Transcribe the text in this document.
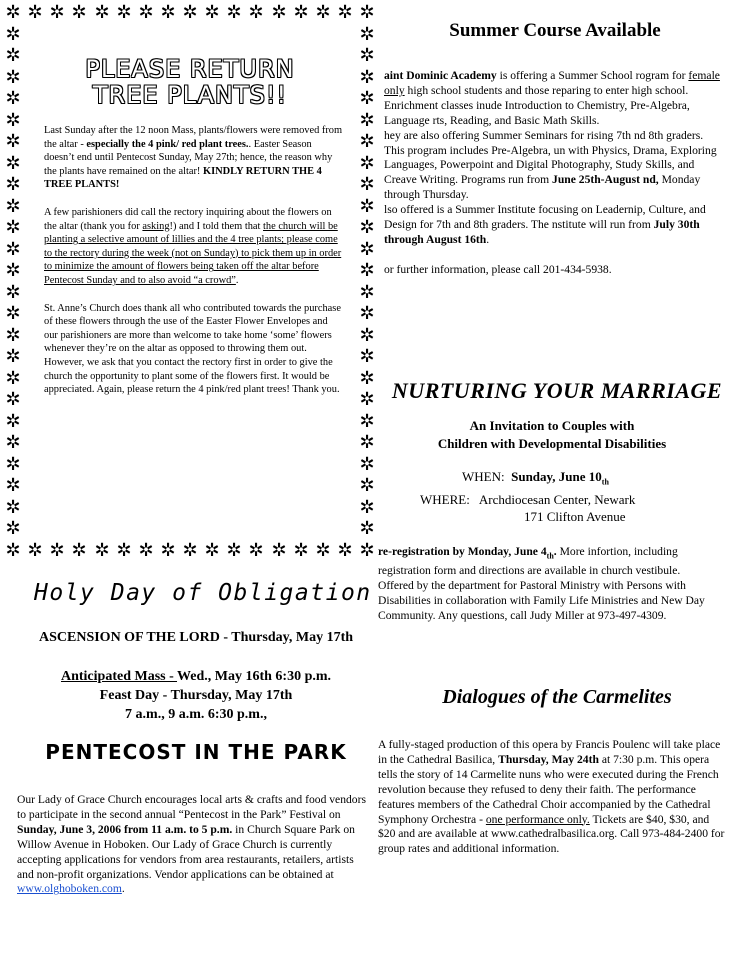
✲
✲
✲
✲
✲
✲
✲
✲
✲
✲
✲
✲
✲
✲
✲
✲
✲
✲
✲
✲
✲
✲
✲
✲
✲
✲
✲
✲
✲
✲
✲
✲
✲
✲
✲	✲
✲	✲
✲	✲
✲	✲
✲	✲
✲	✲
✲	✲
✲	✲
✲	✲
✲	✲
✲	✲
✲	✲
✲	✲
✲	✲
✲	✲
✲	✲
✲	✲
✲	✲
✲	✲
✲	✲
✲	✲
✲	✲
✲	✲
✲	✲
PLEASE RETURN
TREE PLANTS!!

Last Sunday after the 12 noon Mass, plants/flowers were removed from the altar - especially the 4 pink/ red plant trees.. Easter Season doesn’t end until Pentecost Sunday, May 27th; hence, the reason why the plants have remained on the altar! KINDLY RETURN THE 4 TREE PLANTS!

A few parishioners did call the rectory inquiring about the flowers on the altar (thank you for asking!) and I told them that the church will be planting a selective amount of lillies and the 4 tree plants; please come to the rectory during the week (not on Sunday) to pick them up in order to minimize the amount of flowers being taken off the altar before Pentecost Sunday and to also avoid “a crowd”.

St. Anne’s Church does thank all who contributed towards the purchase of these flowers through the use of the Easter Flower Envelopes and our parishioners are more than welcome to take home ‘some’ flowers whenever they’re on the altar as opposed to throwing them out. However, we ask that you contact the rectory first in order to give the church the opportunity to plant some of the flowers first. It would be appreciated. Again, please return the 4 pink/red plant trees! Thank you.

Holy Day of Obligation
ASCENSION OF THE LORD - Thursday, May 17th
Anticipated Mass - Wed., May 16th 6:30 p.m.
Feast Day - Thursday, May 17th
7 a.m., 9 a.m. 6:30 p.m.,
PENTECOST IN THE PARK
Our Lady of Grace Church encourages local arts & crafts and food vendors to participate in the second annual “Pentecost in the Park” Festival on Sunday, June 3, 2006 from 11 a.m. to 5 p.m. in Church Square Park on Willow Avenue in Hoboken. Our Lady of Grace Church is currently accepting applications for vendors from area restaurants, retailers, artists and non-profit organizations. Vendor applications can be obtained at www.olghoboken.com.
Summer Course Available

aint Dominic Academy is offering a Summer School rogram for female only high school students and those reparing to enter high school. Enrichment classes inude Introduction to Chemistry, Pre-Algebra, Language rts, Reading, and Basic Math Skills.
hey are also offering Summer Seminars for rising 7th nd 8th graders. This program includes Pre-Algebra, un with Physics, Drama, Exploring Languages, Powerpoint and Digital Photography, Study Skills, and Creave Writing. Programs run from June 25th-August nd, Monday through Thursday.
lso offered is a Summer Institute focusing on Leadernip, Culture, and Design for 7th and 8th graders. The nstitute will run from July 30th through August 16th.

or further information, please call 201-434-5938.

NURTURING YOUR MARRIAGE
An Invitation to Couples with
Children with Developmental Disabilities
WHEN: Sunday, June $10_{th}$
WHERE: Archdiocesan Center, Newark
171 Clifton Avenue
re-registration by Monday, June $4_{th}$. More infortion, including registration form and directions are available in church vestibule.
Offered by the department for Pastoral Ministry with Persons with Disabilities in collaboration with Family Life Ministries and New Day Community. Any questions, call Judy Miller at 973-497-4309.
Dialogues of the Carmelites
A fully-staged production of this opera by Francis Poulenc will take place in the Cathedral Basilica, Thursday, May 24th at 7:30 p.m. This opera tells the story of 14 Carmelite nuns who were executed during the French revolution because they refused to deny their faith. The performance features members of the Cathedral Choir accompanied by the Cathedral Symphony Orchestra - one performance only. Tickets are $40, $30, and $20 and are available at www.cathedralbasilica.org. Call 973-484-2400 for group rates and additional information.
